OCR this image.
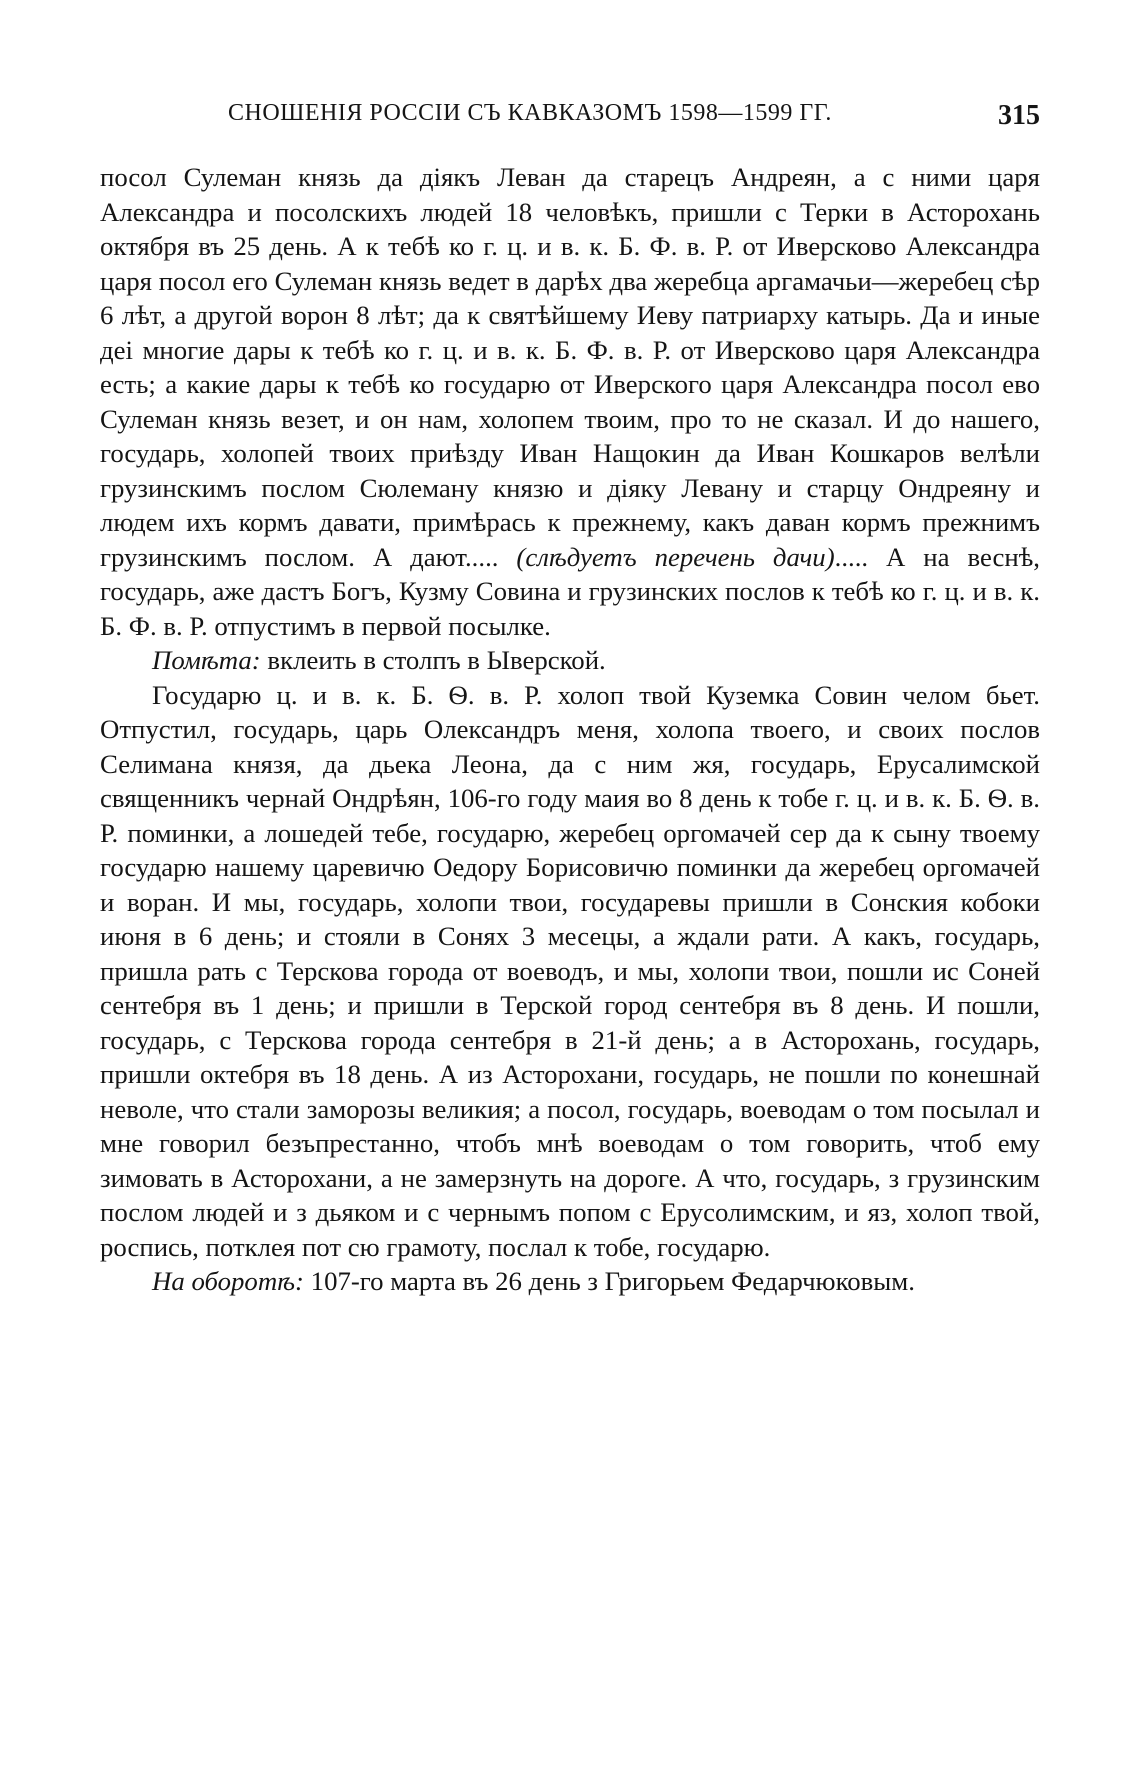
СНОШЕНІЯ РОССІИ СЪ КАВКАЗОМЪ 1598—1599 ГГ.	315

посол Сулеман князь да діякъ Леван да старецъ Андреян, а с ними царя Александра и посолскихъ людей 18 человѣкъ, пришли с Терки в Асторохань октября въ 25 день. А к тебѣ ко г. ц. и в. к. Б. Ф. в. Р. от Иверсково Александра царя посол его Сулеман князь ведет в дарѣх два жеребца аргамачьи—жеребец сѣр 6 лѣт, а другой ворон 8 лѣт; да к святѣйшему Иеву патриарху катырь. Да и иные деі многие дары к тебѣ ко г. ц. и в. к. Б. Ф. в. Р. от Иверсково царя Александра есть; а какие дары к тебѣ ко государю от Иверского царя Александра посол ево Сулеман князь везет, и он нам, холопем твоим, про то не сказал. И до нашего, государь, холопей твоих приѣзду Иван Нащокин да Иван Кошкаров велѣли грузинскимъ послом Сюлеману князю и діяку Левану и старцу Ондреяну и людем ихъ кормъ давати, примѣрась к прежнему, какъ даван кормъ прежнимъ грузинскимъ послом. А дают..... (слѣдуетъ перечень дачи)..... А на веснѣ, государь, аже дастъ Богъ, Кузму Совина и грузинских послов к тебѣ ко г. ц. и в. к. Б. Ф. в. Р. отпустимъ в первой посылке.

Помѣта: вклеить в столпъ в Ыверской.

Государю ц. и в. к. Б. Ѳ. в. Р. холоп твой Куземка Совин челом бьет. Отпустил, государь, царь Олександръ меня, холопа твоего, и своих послов Селимана князя, да дьека Леона, да с ним жя, государь, Ерусалимской священникъ чернай Ондрѣян, 106-го году маия во 8 день к тобе г. ц. и в. к. Б. Ѳ. в. Р. поминки, а лошедей тебе, государю, жеребец оргомачей сер да к сыну твоему государю нашему царевичю Оедору Борисовичю поминки да жеребец оргомачей и воран. И мы, государь, холопи твои, государевы пришли в Сонския кобоки июня в 6 день; и стояли в Сонях 3 месецы, а ждали рати. А какъ, государь, пришла рать с Терскова города от воеводъ, и мы, холопи твои, пошли ис Соней сентебря въ 1 день; и пришли в Терской город сентебря въ 8 день. И пошли, государь, с Терскова города сентебря в 21-й день; а в Асторохань, государь, пришли октебря въ 18 день. А из Асторохани, государь, не пошли по конешнай неволе, что стали заморозы великия; а посол, государь, воеводам о том посылал и мне говорил безъпрестанно, чтобъ мнѣ воеводам о том говорить, чтоб ему зимовать в Асторохани, а не замерзнуть на дороге. А что, государь, з грузинским послом людей и з дьяком и с чернымъ попом с Ерусолимским, и яз, холоп твой, роспись, потклея пот сю грамоту, послал к тобе, государю.

На оборотѣ: 107-го марта въ 26 день з Григорьем Федарчюковым.
